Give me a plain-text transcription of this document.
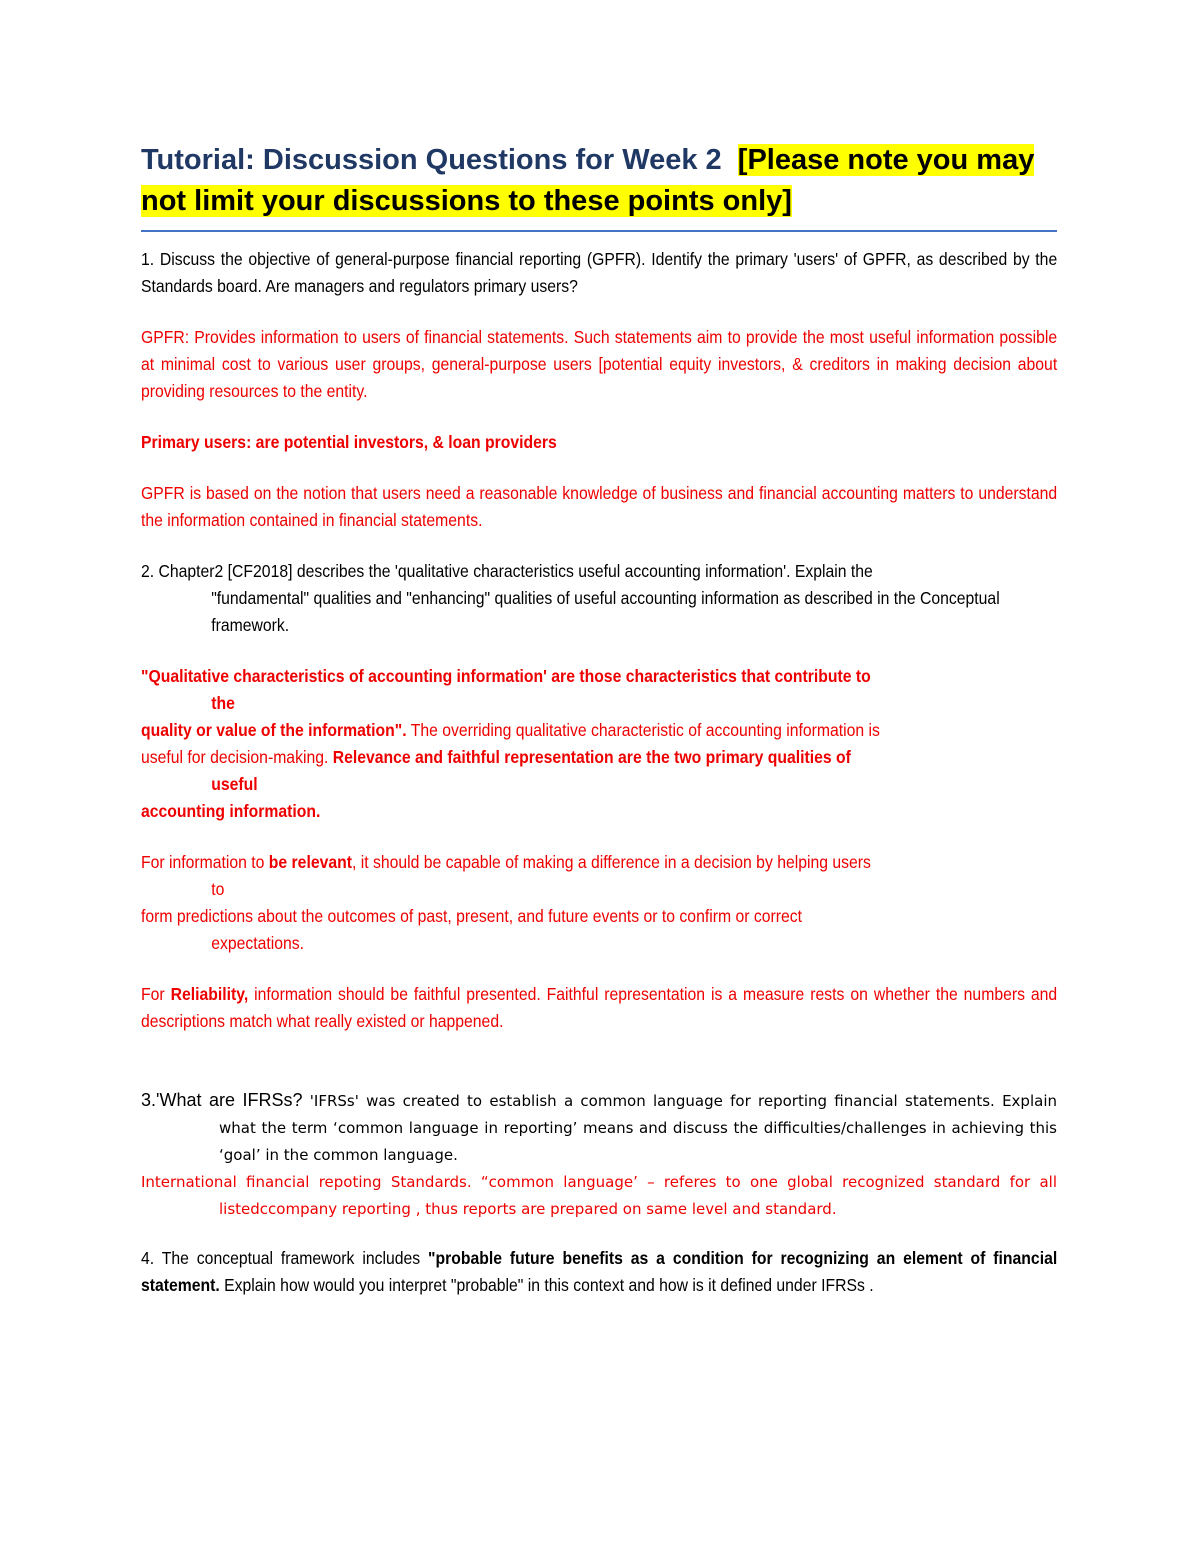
Tutorial: Discussion Questions for Week 2 [Please note you may not limit your discussions to these points only]

1. Discuss the objective of general-purpose financial reporting (GPFR). Identify the primary 'users' of GPFR, as described by the Standards board. Are managers and regulators primary users?

GPFR: Provides information to users of financial statements. Such statements aim to provide the most useful information possible at minimal cost to various user groups, general-purpose users [potential equity investors, & creditors in making decision about providing resources to the entity.

Primary users: are potential investors, & loan providers

GPFR is based on the notion that users need a reasonable knowledge of business and financial accounting matters to understand the information contained in financial statements.

2. Chapter2 [CF2018] describes the 'qualitative characteristics useful accounting information'. Explain the
"fundamental" qualities and "enhancing" qualities of useful accounting information as described in the Conceptual framework.

"Qualitative characteristics of accounting information' are those characteristics that contribute to
the
quality or value of the information". The overriding qualitative characteristic of accounting information is
useful for decision-making. Relevance and faithful representation are the two primary qualities of
useful
accounting information.

For information to be relevant, it should be capable of making a difference in a decision by helping users
to
form predictions about the outcomes of past, present, and future events or to confirm or correct
expectations.

For Reliability, information should be faithful presented. Faithful representation is a measure rests on whether the numbers and descriptions match what really existed or happened.

3.'What are IFRSs? 'IFRSs' was created to establish a common language for reporting financial statements. Explain what the term ‘common language in reporting’ means and discuss the difficulties/challenges in achieving this ‘goal’ in the common language.

International financial repoting Standards. “common language’ – referes to one global recognized standard for all listedccompany reporting , thus reports are prepared on same level and standard.

4. The conceptual framework includes "probable future benefits as a condition for recognizing an element of financial statement. Explain how would you interpret "probable" in this context and how is it defined under IFRSs .
